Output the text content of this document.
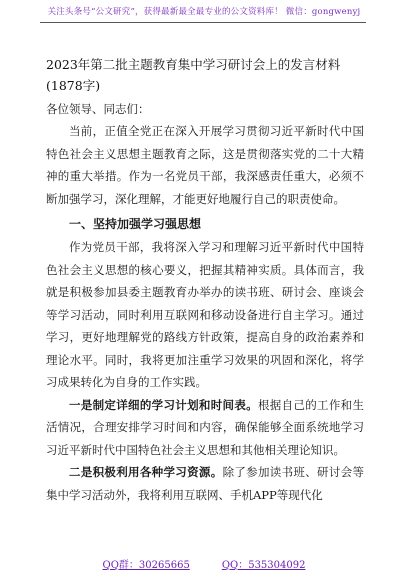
关注头条号“公文研究”，获得最新最全最专业的公文资料库！ 微信：gongwenyj

2023年第二批主题教育集中学习研讨会上的发言材料(1878字)

各位领导、同志们：

当前，正值全党正在深入开展学习贯彻习近平新时代中国特色社会主义思想主题教育之际，这是贯彻落实党的二十大精神的重大举措。作为一名党员干部，我深感责任重大，必须不断加强学习，深化理解，才能更好地履行自己的职责使命。

一、坚持加强学习强思想

作为党员干部，我将深入学习和理解习近平新时代中国特色社会主义思想的核心要义，把握其精神实质。具体而言，我就是积极参加县委主题教育办举办的读书班、研讨会、座谈会等学习活动，同时利用互联网和移动设备进行自主学习。通过学习，更好地理解党的路线方针政策，提高自身的政治素养和理论水平。同时，我将更加注重学习效果的巩固和深化，将学习成果转化为自身的工作实践。

一是制定详细的学习计划和时间表。根据自己的工作和生活情况，合理安排学习时间和内容，确保能够全面系统地学习习近平新时代中国特色社会主义思想和其他相关理论知识。

二是积极利用各种学习资源。除了参加读书班、研讨会等集中学习活动外，我将利用互联网、手机APP等现代化

QQ群：30265665	QQ：535304092
